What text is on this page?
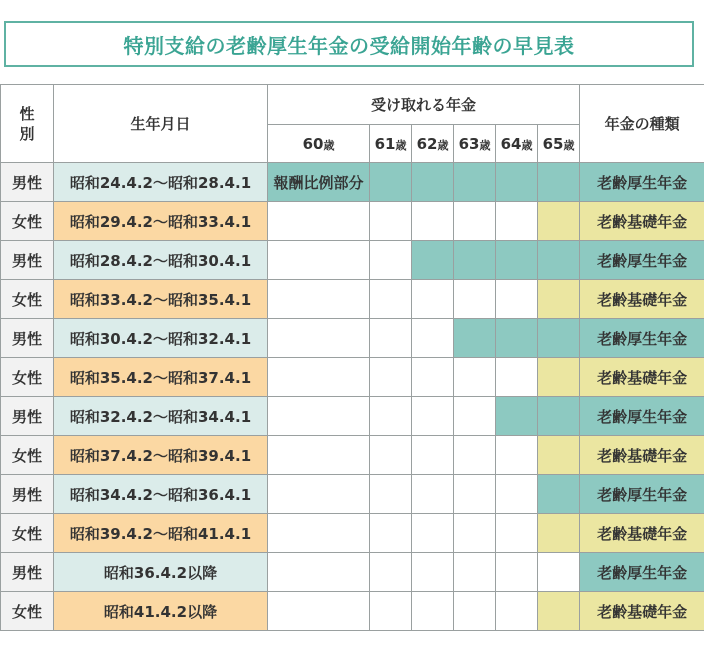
特別支給の老齢厚生年金の受給開始年齢の早見表
性別	生年月日	受け取れる年金						年金の種類
		60歳	61歳	62歳	63歳	64歳	65歳	
男性	昭和24.4.2～昭和28.4.1	報酬比例部分						老齢厚生年金
女性	昭和29.4.2～昭和33.4.1							老齢基礎年金
男性	昭和28.4.2～昭和30.4.1							老齢厚生年金
女性	昭和33.4.2～昭和35.4.1							老齢基礎年金
男性	昭和30.4.2～昭和32.4.1							老齢厚生年金
女性	昭和35.4.2～昭和37.4.1							老齢基礎年金
男性	昭和32.4.2～昭和34.4.1							老齢厚生年金
女性	昭和37.4.2～昭和39.4.1							老齢基礎年金
男性	昭和34.4.2～昭和36.4.1							老齢厚生年金
女性	昭和39.4.2～昭和41.4.1							老齢基礎年金
男性	昭和36.4.2以降							老齢厚生年金
女性	昭和41.4.2以降							老齢基礎年金
